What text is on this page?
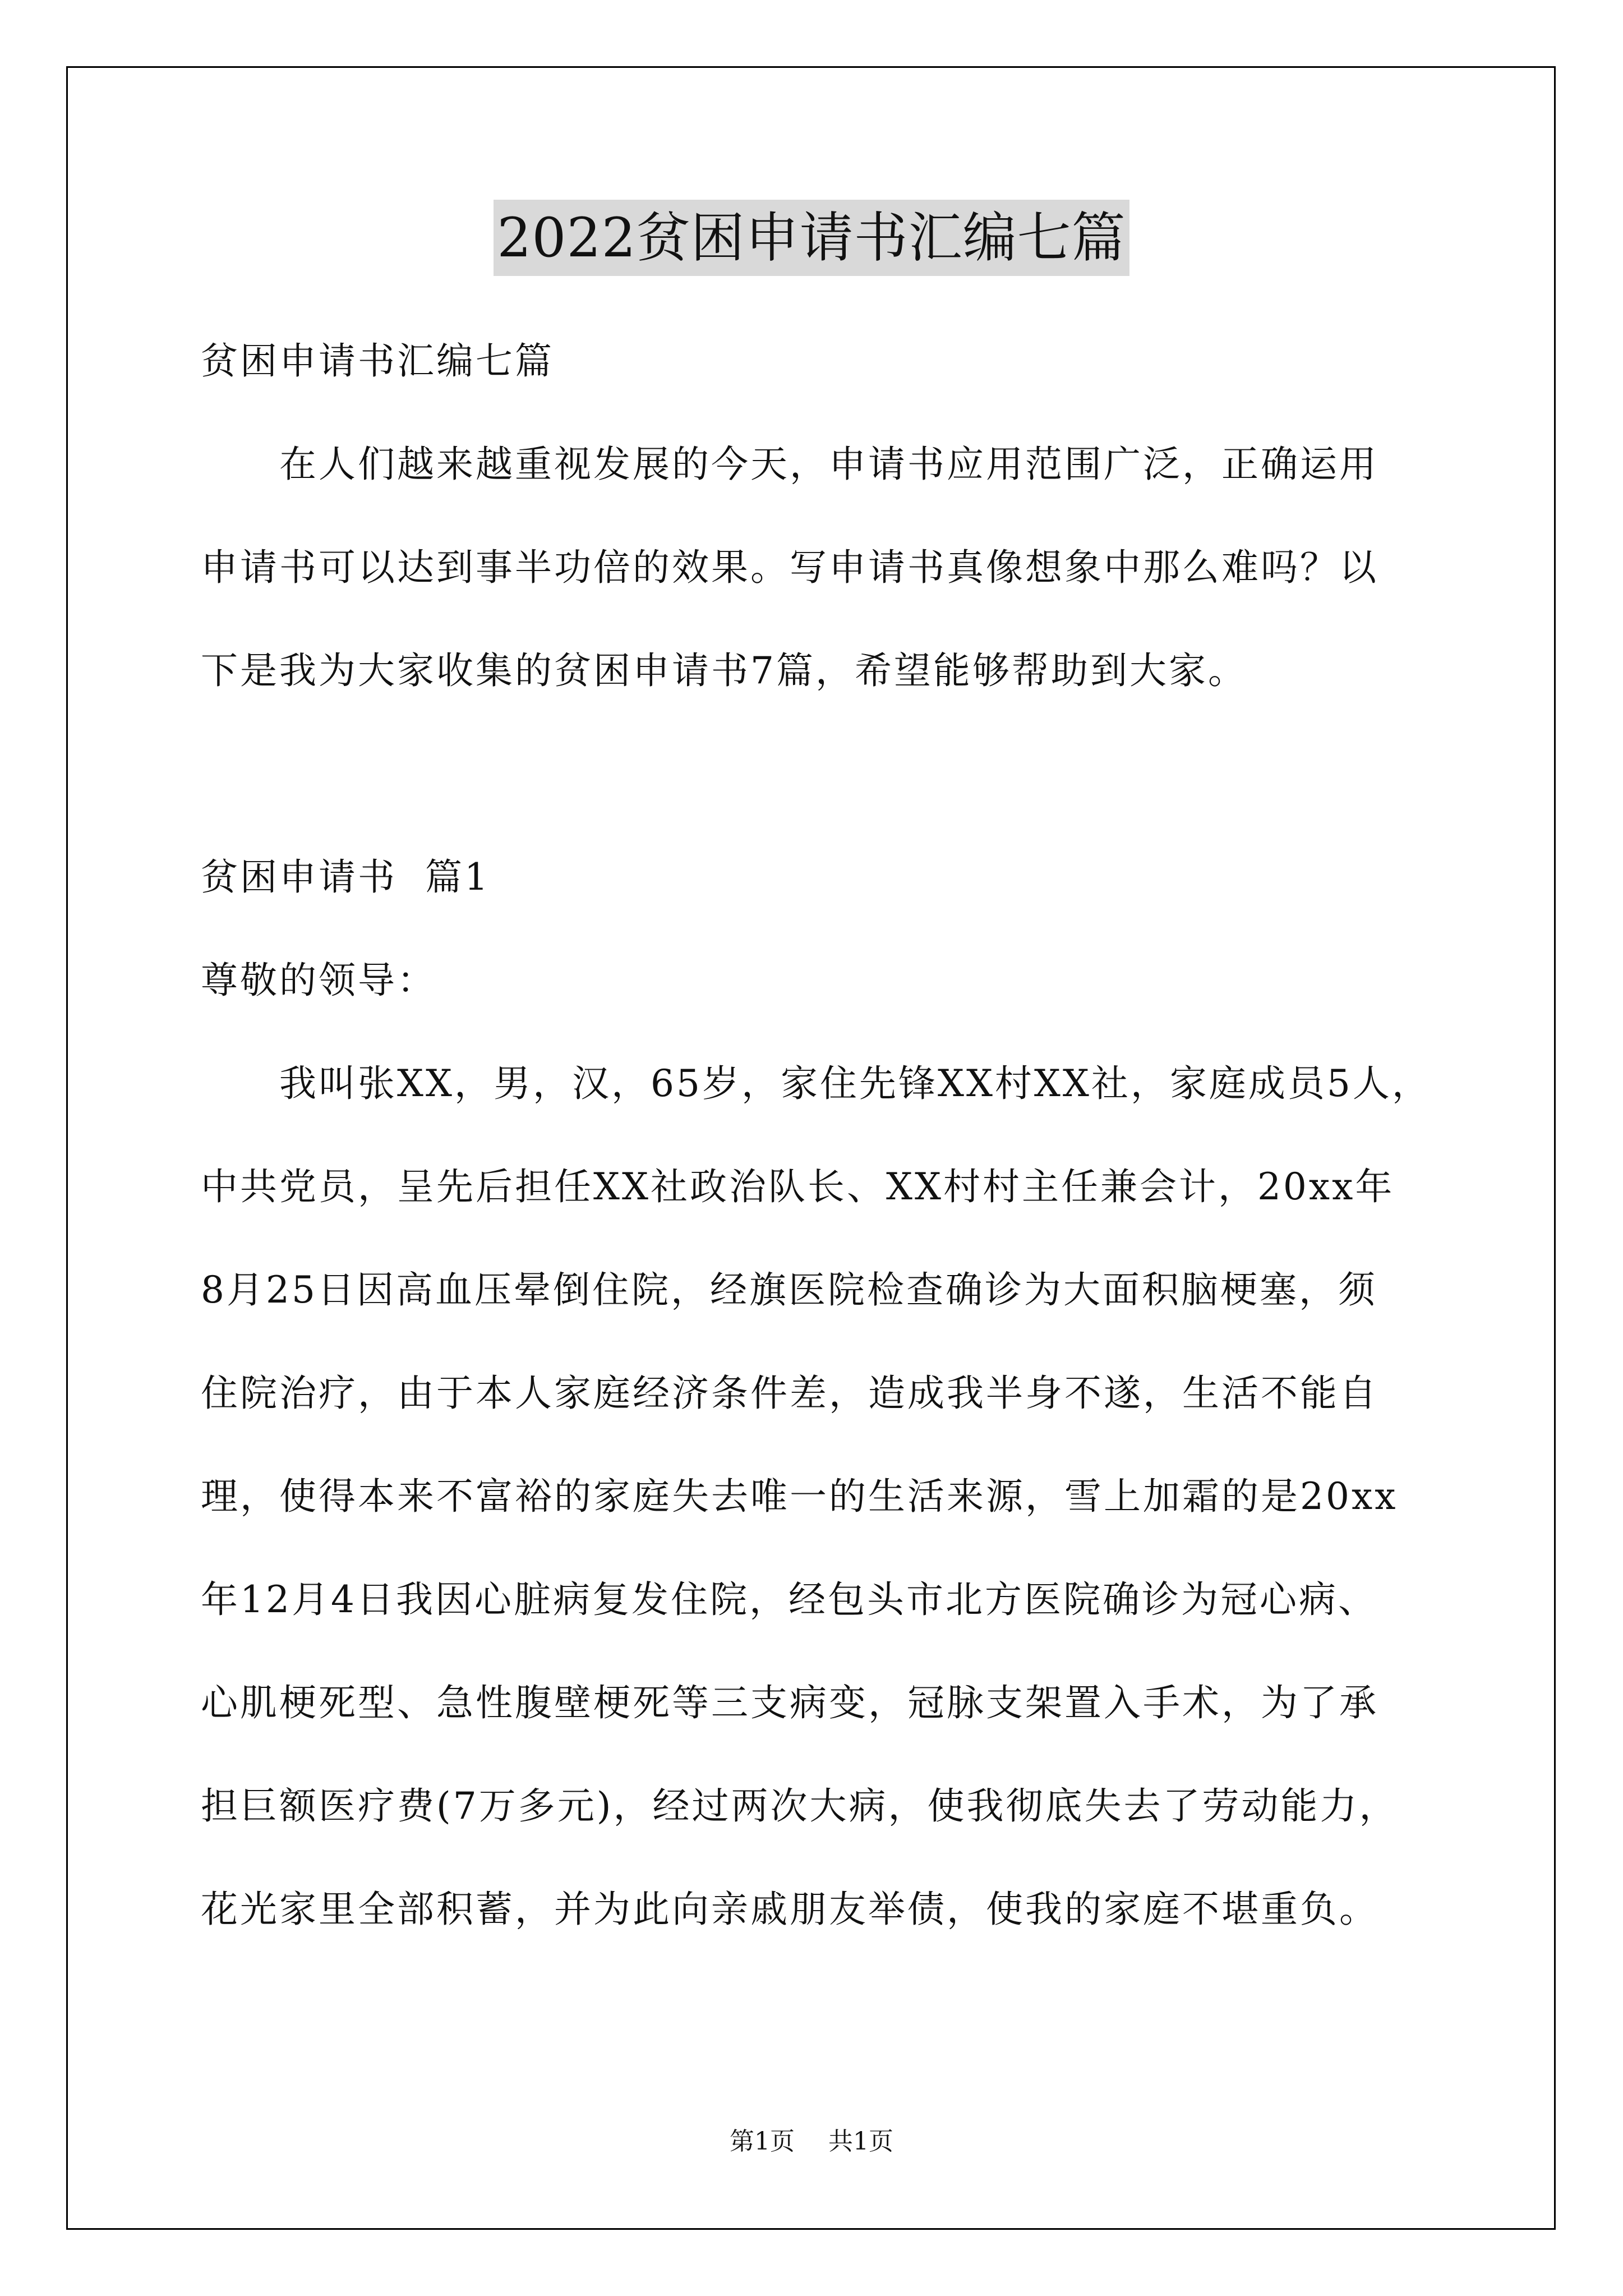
2022贫困申请书汇编七篇
贫困申请书汇编七篇
在人们越来越重视发展的今天，申请书应用范围广泛，正确运用
申请书可以达到事半功倍的效果。写申请书真像想象中那么难吗？以
下是我为大家收集的贫困申请书7篇，希望能够帮助到大家。
贫困申请书  篇1
尊敬的领导：
我叫张XX，男，汉，65岁，家住先锋XX村XX社，家庭成员5人，
中共党员，呈先后担任XX社政治队长、XX村村主任兼会计，20xx年
8月25日因高血压晕倒住院，经旗医院检查确诊为大面积脑梗塞，须
住院治疗，由于本人家庭经济条件差，造成我半身不遂，生活不能自
理，使得本来不富裕的家庭失去唯一的生活来源，雪上加霜的是20xx
年12月4日我因心脏病复发住院，经包头市北方医院确诊为冠心病、
心肌梗死型、急性腹壁梗死等三支病变，冠脉支架置入手术，为了承
担巨额医疗费(7万多元)，经过两次大病，使我彻底失去了劳动能力，
花光家里全部积蓄，并为此向亲戚朋友举债，使我的家庭不堪重负。
第1页 共1页
